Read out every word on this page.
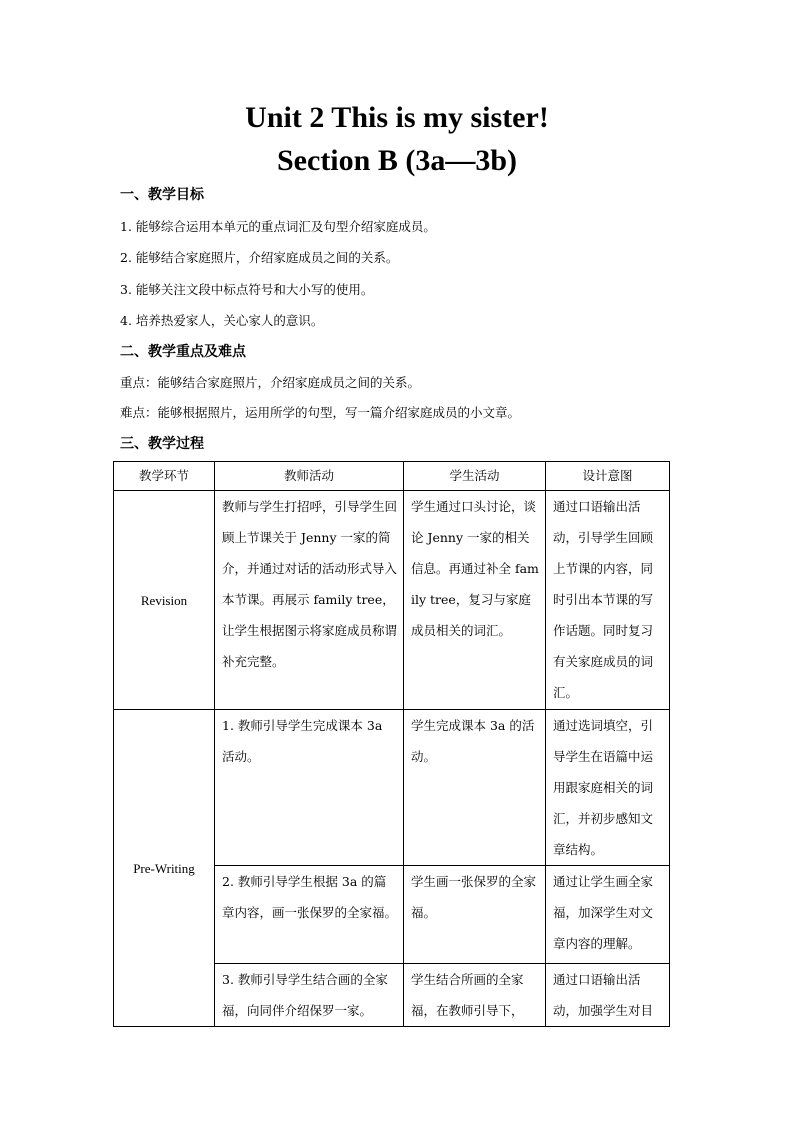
Unit 2 This is my sister!
Section B (3a—3b)
一、教学目标
1. 能够综合运用本单元的重点词汇及句型介绍家庭成员。
2. 能够结合家庭照片，介绍家庭成员之间的关系。
3. 能够关注文段中标点符号和大小写的使用。
4. 培养热爱家人，关心家人的意识。
二、教学重点及难点
重点：能够结合家庭照片，介绍家庭成员之间的关系。
难点：能够根据照片，运用所学的句型，写一篇介绍家庭成员的小文章。
三、教学过程
教学环节	教师活动	学生活动	设计意图
Revision	教师与学生打招呼，引导学生回顾上节课关于 Jenny 一家的简介，并通过对话的活动形式导入本节课。再展示 family tree，让学生根据图示将家庭成员称谓补充完整。	学生通过口头讨论，谈论 Jenny 一家的相关信息。再通过补全 family tree，复习与家庭成员相关的词汇。	通过口语输出活动，引导学生回顾上节课的内容，同时引出本节课的写作话题。同时复习有关家庭成员的词汇。

Pre-Writing	1. 教师引导学生完成课本 3a 活动。	学生完成课本 3a 的活动。	通过选词填空，引导学生在语篇中运用跟家庭相关的词汇，并初步感知文章结构。

	2. 教师引导学生根据 3a 的篇章内容，画一张保罗的全家福。	学生画一张保罗的全家福。	通过让学生画全家福，加深学生对文章内容的理解。

	3. 教师引导学生结合画的全家福，向同伴介绍保罗一家。	学生结合所画的全家福，在教师引导下，	通过口语输出活动，加强学生对目
